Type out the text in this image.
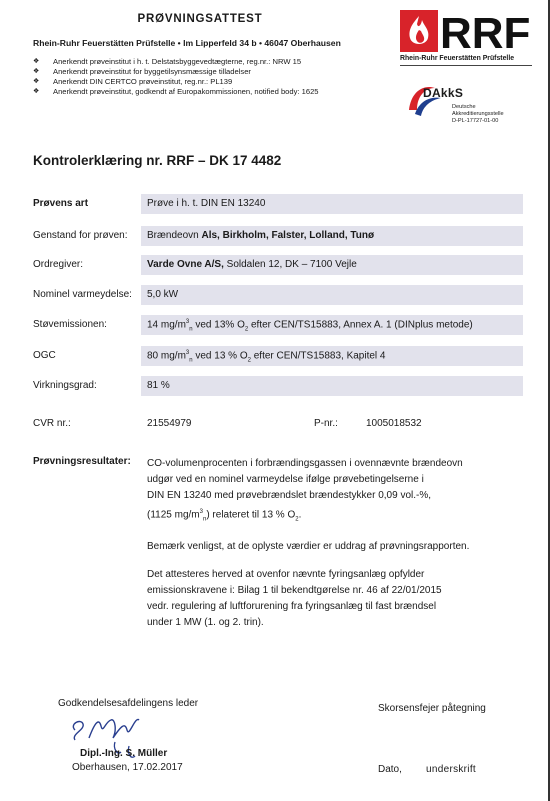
PRØVNINGSATTEST
Rhein-Ruhr Feuerstätten Prüfstelle • Im Lipperfeld 34 b • 46047 Oberhausen
❖ Anerkendt prøveinstitut i h. t. Delstatsbyggevedtægterne, reg.nr.: NRW 15
❖ Anerkendt prøveinstitut for byggetilsynsmæssige tilladelser
❖ Anerkendt DIN CERTCO prøveinstitut, reg.nr.: PL139
❖ Anerkendt prøveinstitut, godkendt af Europakommissionen, notified body: 1625
RRF
Rhein-Ruhr Feuerstätten Prüfstelle
DAkkS
Deutsche
Akkreditierungsstelle
D-PL-17727-01-00
Kontrolerklæring nr. RRF – DK 17 4482
Prøvens art	Prøve i h. t. DIN EN 13240
Genstand for prøven:	Brændeovn Als, Birkholm, Falster, Lolland, Tunø
Ordregiver:	Varde Ovne A/S, Soldalen 12, DK – 7100 Vejle
Nominel varmeydelse:	5,0 kW
Støvemissionen:	14 $mg/m^3_n$ ved 13% $O_2$ efter CEN/TS15883, Annex A. 1 (DINplus metode)
OGC	80 $mg/m^3_n$ ved 13 % $O_2$ efter CEN/TS15883, Kapitel 4
Virkningsgrad:	81 %
CVR nr.:	21554979	P-nr.:	1005018532
Prøvningsresultater: CO-volumenprocenten i forbrændingsgassen i ovennævnte brændeovn

udgør ved en nominel varmeydelse ifølge prøvebetingelserne i

DIN EN 13240 med prøvebrændslet brændestykker 0,09 vol.-%,

(1125 $mg/m^3_n$) relateret til 13 % $O_2$.

Bemærk venligst, at de oplyste værdier er uddrag af prøvningsrapporten.

Det attesteres herved at ovenfor nævnte fyringsanlæg opfylder

emissionskravene i: Bilag 1 til bekendtgørelse nr. 46 af 22/01/2015

vedr. regulering af luftforurening fra fyringsanlæg til fast brændsel

under 1 MW (1. og 2. trin).

Godkendelsesafdelingens leder	Skorsensfejer påtegning
Dipl.-Ing. S. Müller
Oberhausen, 17.02.2017	Dato, underskrift
